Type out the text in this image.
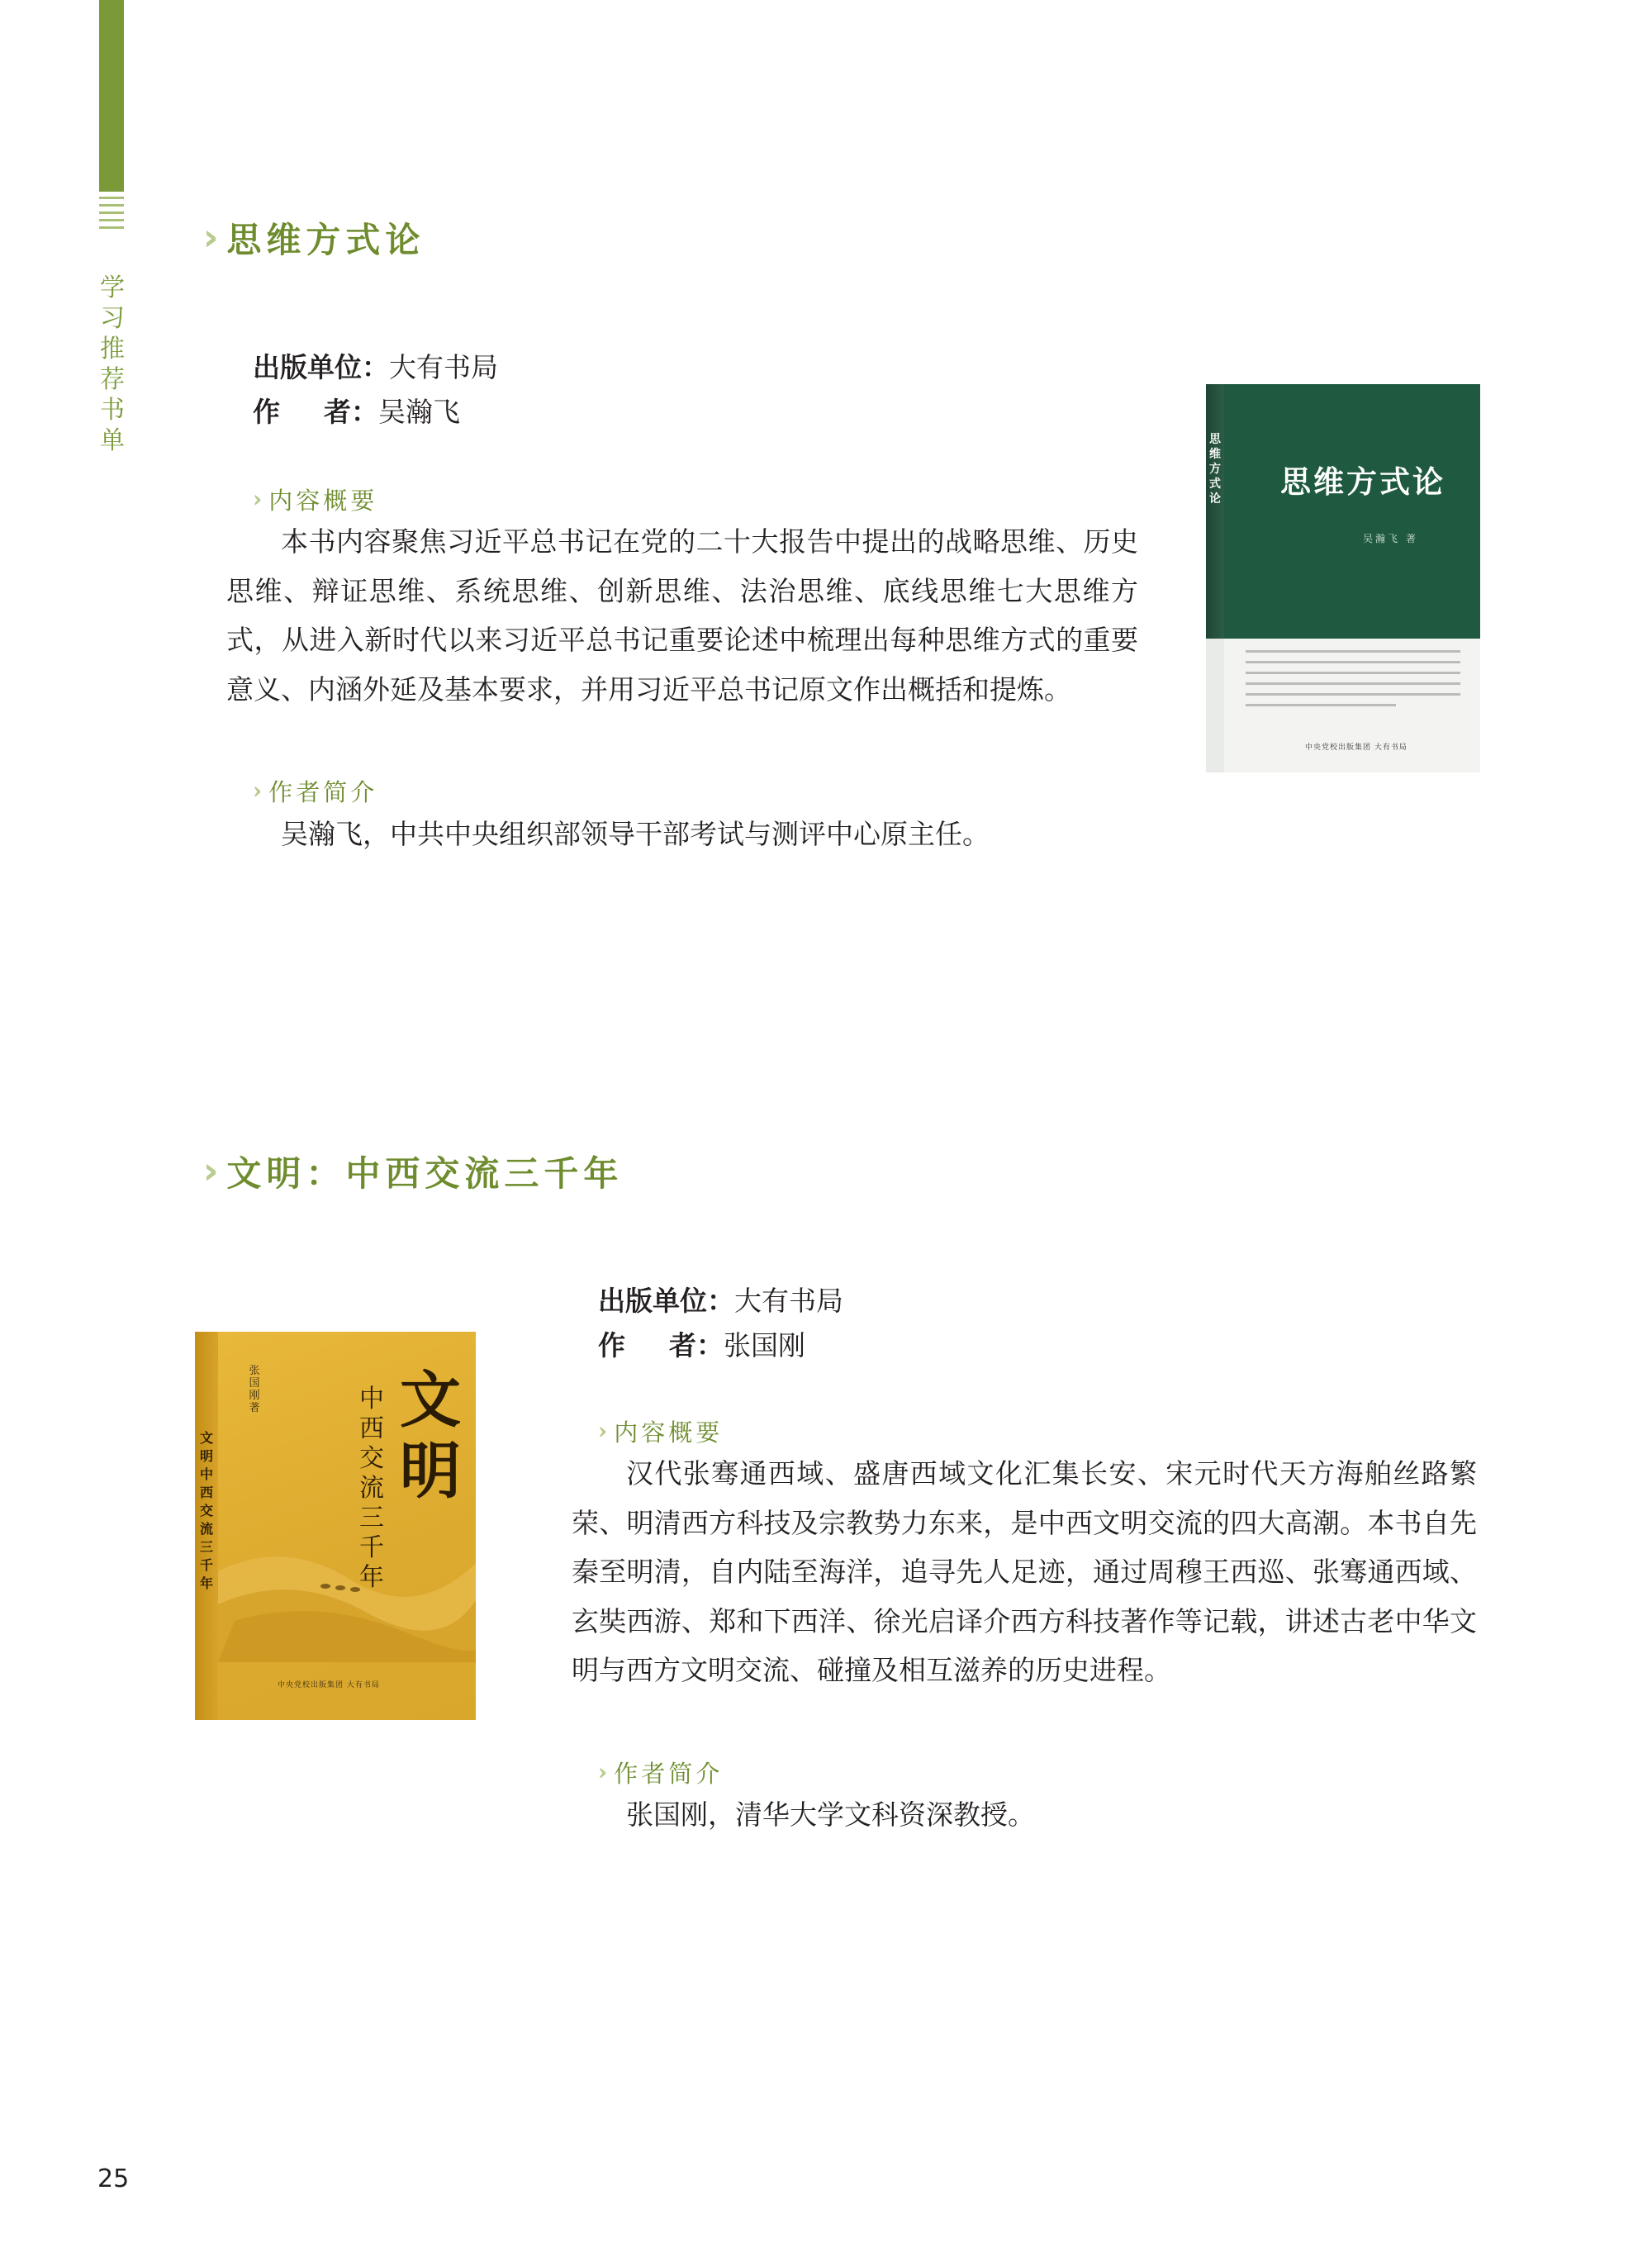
学
习
推
荐
书
单
››› 思维方式论
出版单位： 大有书局
作 者： 吴瀚飞
››› 内容概要
本书内容聚焦习近平总书记在党的二十大报告中提出的战略思维、历史思维、辩证思维、系统思维、创新思维、法治思维、底线思维七大思维方式，从进入新时代以来习近平总书记重要论述中梳理出每种思维方式的重要意义、内涵外延及基本要求，并用习近平总书记原文作出概括和提炼。
››› 作者简介
吴瀚飞，中共中央组织部领导干部考试与测评中心原主任。
思维方式论 思维方式论
吴瀚飞 著
中央党校出版集团 大有书局
››› 文明：中西交流三千年
出版单位： 大有书局
作 者： 张国刚
››› 内容概要
汉代张骞通西域、盛唐西域文化汇集长安、宋元时代天方海舶丝路繁荣、明清西方科技及宗教势力东来，是中西文明交流的四大高潮。本书自先秦至明清，自内陆至海洋，追寻先人足迹，通过周穆王西巡、张骞通西域、玄奘西游、郑和下西洋、徐光启译介西方科技著作等记载，讲述古老中华文明与西方文明交流、碰撞及相互滋养的历史进程。
››› 作者简介
张国刚，清华大学文科资深教授。
文明 中西交流三千年
张国刚 著	中西交流三千年
文明
中央党校出版集团 大有书局
25
